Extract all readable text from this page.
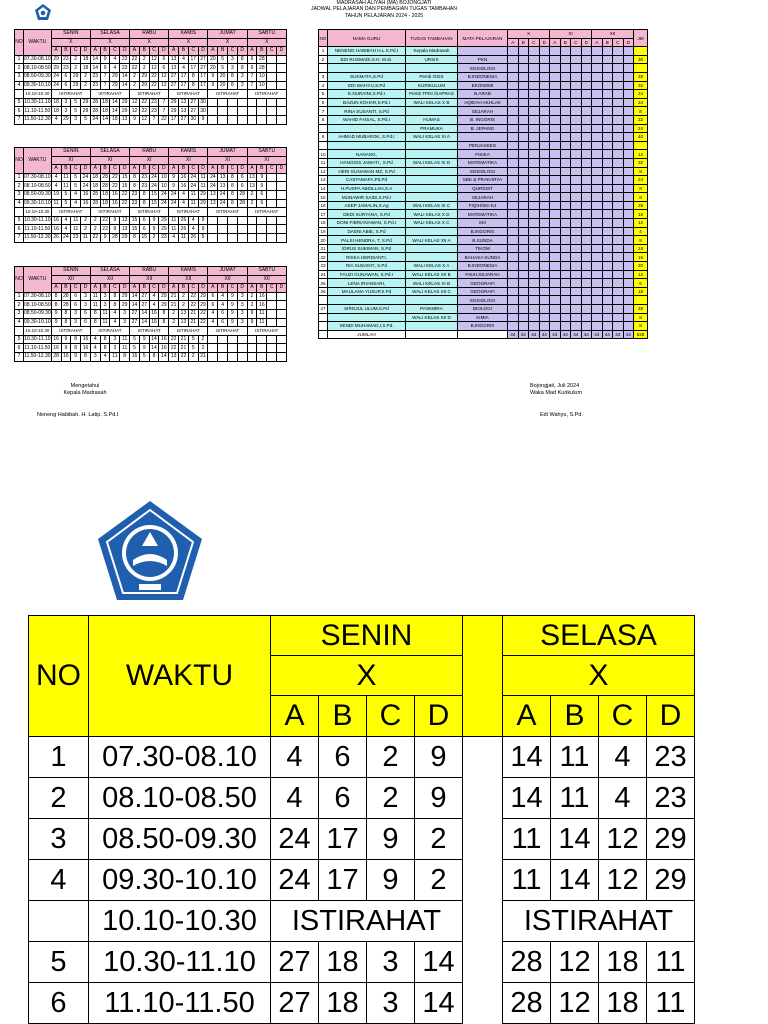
MADRASAH ALIYAH (MA) BOJONGJATI
JADWAL PELAJARAN DAN PEMBAGIAN TUGAS TAMBAHAN
TAHUN PELAJARAN 2024 - 2025
NO	WAKTU	SENIN				SELASA				RABU				KAMIS				JUMAT				SABTU			
		X				X				X				X				X				X			
		A	B	C	D	A	B	C	D	A	B	C	D	A	B	C	D	A	B	C	D	A	B	C	D
1	07.30-08.10	29	23	2	18	14	9	4	23	22	2	12	6	13	4	17	27	20	5	3	8	6	28		
2	08.10-08.50	29	23	2	18	14	9	4	23	22	2	12	6	13	4	17	27	20	5	3	8	6	28		
3	08.50-09.30	24	6	29	2	23	7	29	14	2	29	22	12	27	17	8	17	9	20	8	3	7	10		
4	09.30-10.10	24	6	29	2	23	7	29	14	2	29	22	12	27	17	8	17	9	20	8	3	7	10		
	10.10-10.30	ISTIRAHAT				ISTIRAHAT				ISTIRAHAT				ISTIRAHAT				ISTIRAHAT				ISTIRAHAT			
5	10.30-11.10	18	3	5	29	28	18	14	29	12	22	23	7	29	13	27	30								
6	11.10-11.50	18	3	5	29	28	18	14	29	12	22	23	7	29	13	27	30								
7	11.50-12.30	4	29	3	5	24	14	18	13	9	12	7	22	17	27	30	9								
NO	WAKTU	SENIN				SELASA				RABU				KAMIS				JUMAT				SABTU			
		XI				XI				XI				XI				XI				XI			
		A	B	C	D	A	B	C	D	A	B	C	D	A	B	C	D	A	B	C	D	A	B	C	D
1	07.30-08.10	4	11	5	24	18	28	22	15	8	23	24	10	9	16	24	11	24	13	8	6	13	9		
2	08.10-08.50	4	11	5	24	18	28	22	15	8	23	24	10	9	16	24	11	24	13	8	6	13	9		
3	08.50-09.30	19	5	4	16	28	18	16	22	23	8	15	24	24	4	11	29	13	24	8	28	2	6		
4	09.30-10.10	11	5	4	16	28	18	16	22	23	8	15	24	24	4	11	29	13	24	8	28	2	6		
	10.10-10.30	ISTIRAHAT				ISTIRAHAT				ISTIRAHAT				ISTIRAHAT				ISTIRAHAT				ISTIRAHAT			
5	10.30-11.10	16	4	11	2	2	22	9	13	15	6	9	29	11	26	4	9								
6	11.10-11.50	16	4	11	2	2	22	9	13	15	6	9	29	11	26	4	9								
7	11.50-12.30	26	24	23	11	22	9	28	29	8	15	2	23	4	11	26	5								
NO	WAKTU	SENIN				SELASA				RABU				KAMIS				JUMAT				SABTU			
		XII				XII				XII				XII				XII				XII			
		A	B	C	D	A	B	C	D	A	B	C	D	A	B	C	D	A	B	C	D	A	B	C	D
1	07.30-08.10	8	28	6	3	11	3	8	29	14	27	4	29	21	2	22	29	6	4	9	3	2	16		
2	08.10-08.50	8	28	6	3	11	3	8	29	14	27	4	29	21	2	22	29	6	4	9	3	2	16		
3	08.50-09.30	9	8	3	6	8	11	4	3	27	14	16	8	2	13	21	22	4	6	9	3	9	11		
4	09.30-10.10	9	8	3	6	8	11	4	3	27	14	16	8	2	13	21	22	4	6	9	3	9	11		
	10.10-10.30	ISTIRAHAT				ISTIRAHAT				ISTIRAHAT				ISTIRAHAT				ISTIRAHAT				ISTIRAHAT			
5	10.30-11.10	16	9	8	16	4	8	3	11	5	9	14	16	22	21	5	2								
6	11.10-11.50	16	9	8	16	4	8	3	11	5	9	14	16	22	21	5	2								
7	11.50-12.30	28	16	9	8	3	4	11	8	16	5	8	14	13	22	2	21								
NO	NAMA GURU	TUGAS TAMBAHAN	MATA PELAJARAN	X				XI				XII				JM
				A	B	C	D	A	B	C	D	A	B	C	D	
1	NENENG HABIBAH H.L.S.Pd.I	Kepala Madrasah														
2	EDI RUSMADI,S.H. M.Si.	URSIS	PKN													30
			SOSIOLOGI													
3	SUKMATA,S.Pd	Pemb OSIS	B.INDONESIA													28
4	EDI WAHYU,S.Pd	KURIKULUM	EKONOMI													32
5	E.NURAINI,S.Pd.I	Pemb TPIN /SAPRAS	B.ARAB													24
6	BAZUN KOHAR,S.Pd.I	WALI KELAS X B	AQIDAH AKHLAK													24
7	RINA SUSANTI, S.Pd		SEJARAH													8
8	WAHID FAISAL, S.Pd.I	HUMAS	B. INGGRIS													32
		PRAMUKA	B. JEPANG													24
9	AHMAD MUBAROK, S.Pd.I	WALI KELAS XI A														40
			PENJASKES													
10	NANANG,		FISIKA													12
11	HANGGIS JAWATI , S.Pd	WALI KELAS XI D	MATEMATIKA													32
12	HERI GUNAWAN MZ, S.Pd		SOSIOLOGI													8
13	CASTAMAFA,Pd,Pd		SBK & PRAKARYA													24
14	H.PUSPA ABDILLAH,S.A		QURDIST													8
15	MUNAWIR SAIDI,S.Pd.I		SEJARAH													8
16	ASEP JAMALIN,S.Ag	WALI KELAS XI C	FIQIH/SKI KJ													28
17	DEDI SURYANA, S.Pd	WALI KELAS X D	MATEMATIKA													16
18	DONI FIBRIANAWAN, S.Pd.I	WALI KELAS X C	SKI													12
19	DAENI ABIE, S.Pd		B.INGGRIS													4
20	PALSI HENDRA, T, S.Pd	WALI KELAS XII A	B.SUNDA													8
21	IDRUS SUKIMAN, S.Pd		TIKOM													24
22	RISKA HERDIANTI,		BAHASA SUNDA													16
23	RIA SUSANTI, S.Pd	WALI KELAS X A	B.INDONESIA													20
24	FAUZI GUNAWAN, S.Pd.I	WALI KELAS XII B	FIKIH,SEJARAH													12
25	LENA IRIANSARI,	WALI KELAS XI B	GEOGRAFI													6
26	MAULANA YUSUP,S.Pd	WALI KELAS XII C	GEOGRAFI													18
			SOSIOLOGI													
27	SIROJUL ULUM,S.Pd	PASKIBRA	BIOLOGI													28
		WALI KELAS XII D	KIMIA													8
	SENDI MUHAMAD,I,S.Pd.		B.INGGRIS													8
	JUMLAH			44	44	44	44	44	44	44	44	44	44	44	44	528
Mengetahui
Kepala Madrasah
Neneng Habibah. H. Latip. S.Pd.I
Bojongjati, Juli 2024
Waka Mad Kurikulum
Edi Wahyu, S.Pd.
NO	WAKTU	SENIN					SELASA			
		X					X			
		A	B	C	D		A	B	C	D
1	07.30-08.10	4	6	2	9		14	11	4	23
2	08.10-08.50	4	6	2	9		14	11	4	23
3	08.50-09.30	24	17	9	2		11	14	12	29
4	09.30-10.10	24	17	9	2		11	14	12	29
	10.10-10.30	ISTIRAHAT					ISTIRAHAT			
5	10.30-11.10	27	18	3	14		28	12	18	11
6	11.10-11.50	27	18	3	14		28	12	18	11
